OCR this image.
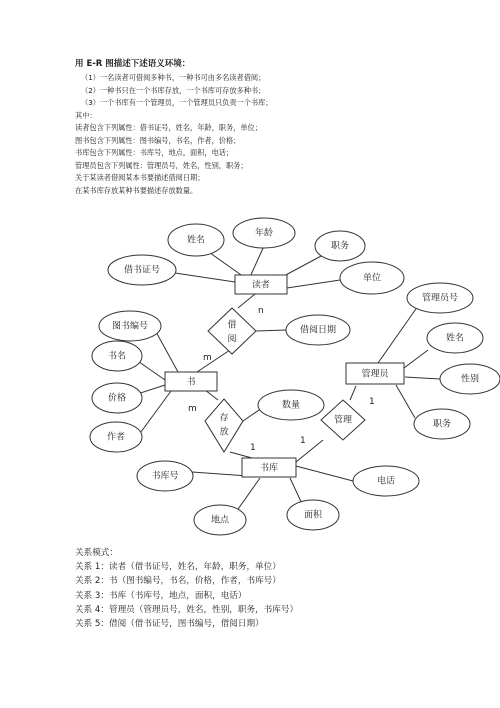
用 E-R 图描述下述语义环境：
（1）一名读者可借阅多种书，一种书可由多名读者借阅；
（2）一种书只在一个书库存放，一个书库可存放多种书；
（3）一个书库有一个管理员，一个管理员只负责一个书库；
其中：
读者包含下列属性：借书证号，姓名，年龄，职务，单位；
图书包含下列属性：图书编号，书名，作者，价格；
书库包含下列属性：书库号，地点，面积，电话；
管理员包含下列属性：管理员号，姓名，性别，职务；
关于某读者借阅某本书要描述借阅日期；
在某书库存放某种书要描述存放数量。
姓名
年龄
职务
借书证号
单位
读者
借
阅
借阅日期
图书编号
书名
价格
作者
书
存
放
数量
管理员号
姓名
性别
职务
管理员
管理
书库
书库号
地点	面积
电话
n
m
m
1
1
1
关系模式：
关系 1：读者（借书证号，姓名，年龄，职务，单位）
关系 2：书（图书编号，书名，价格，作者，书库号）
关系 3：书库（书库号，地点，面积，电话）
关系 4：管理员（管理员号，姓名，性别，职务，书库号）
关系 5：借阅（借书证号，图书编号，借阅日期）
